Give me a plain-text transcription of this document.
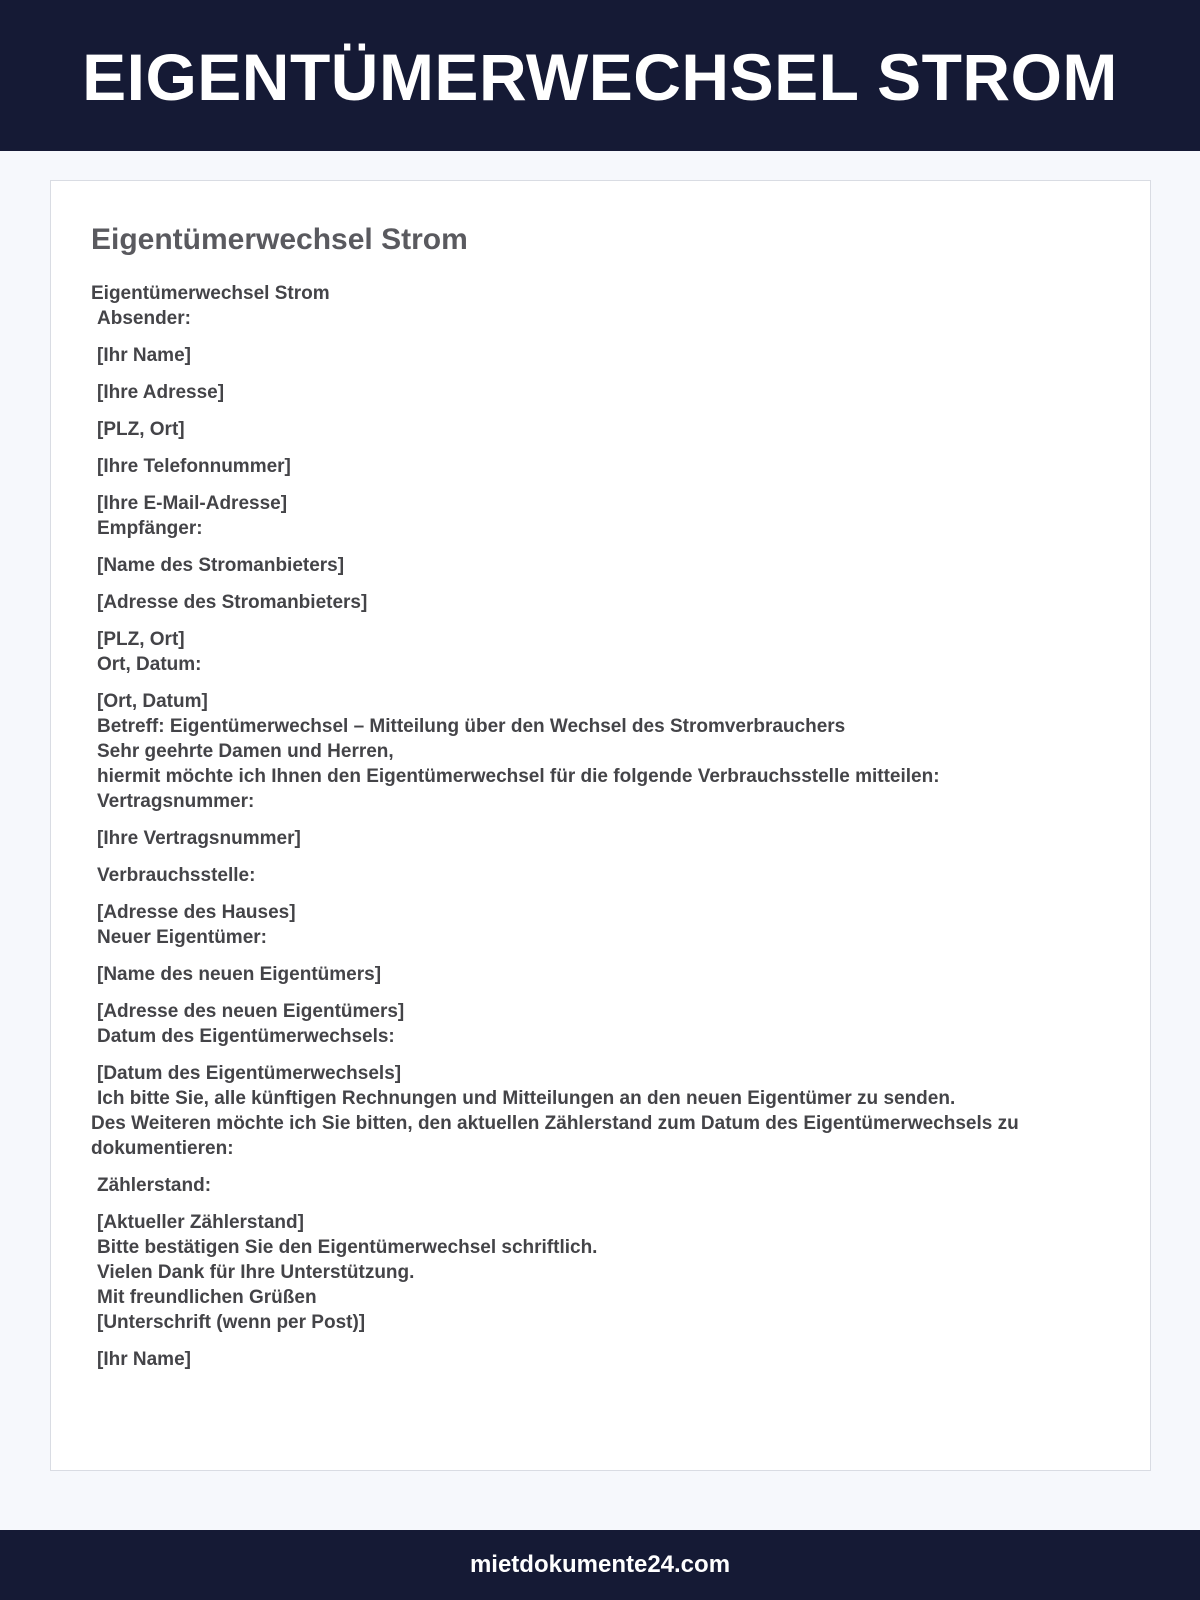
EIGENTÜMERWECHSEL STROM
Eigentümerwechsel Strom
Eigentümerwechsel Strom
Absender:
[Ihr Name]
[Ihre Adresse]
[PLZ, Ort]
[Ihre Telefonnummer]
[Ihre E-Mail-Adresse]
Empfänger:
[Name des Stromanbieters]
[Adresse des Stromanbieters]
[PLZ, Ort]
Ort, Datum:
[Ort, Datum]
Betreff: Eigentümerwechsel – Mitteilung über den Wechsel des Stromverbrauchers
Sehr geehrte Damen und Herren,
hiermit möchte ich Ihnen den Eigentümerwechsel für die folgende Verbrauchsstelle mitteilen:
Vertragsnummer:
[Ihre Vertragsnummer]
Verbrauchsstelle:
[Adresse des Hauses]
Neuer Eigentümer:
[Name des neuen Eigentümers]
[Adresse des neuen Eigentümers]
Datum des Eigentümerwechsels:
[Datum des Eigentümerwechsels]
Ich bitte Sie, alle künftigen Rechnungen und Mitteilungen an den neuen Eigentümer zu senden.
Des Weiteren möchte ich Sie bitten, den aktuellen Zählerstand zum Datum des Eigentümerwechsels zu dokumentieren:
Zählerstand:
[Aktueller Zählerstand]
Bitte bestätigen Sie den Eigentümerwechsel schriftlich.
Vielen Dank für Ihre Unterstützung.
Mit freundlichen Grüßen
[Unterschrift (wenn per Post)]
[Ihr Name]
mietdokumente24.com
